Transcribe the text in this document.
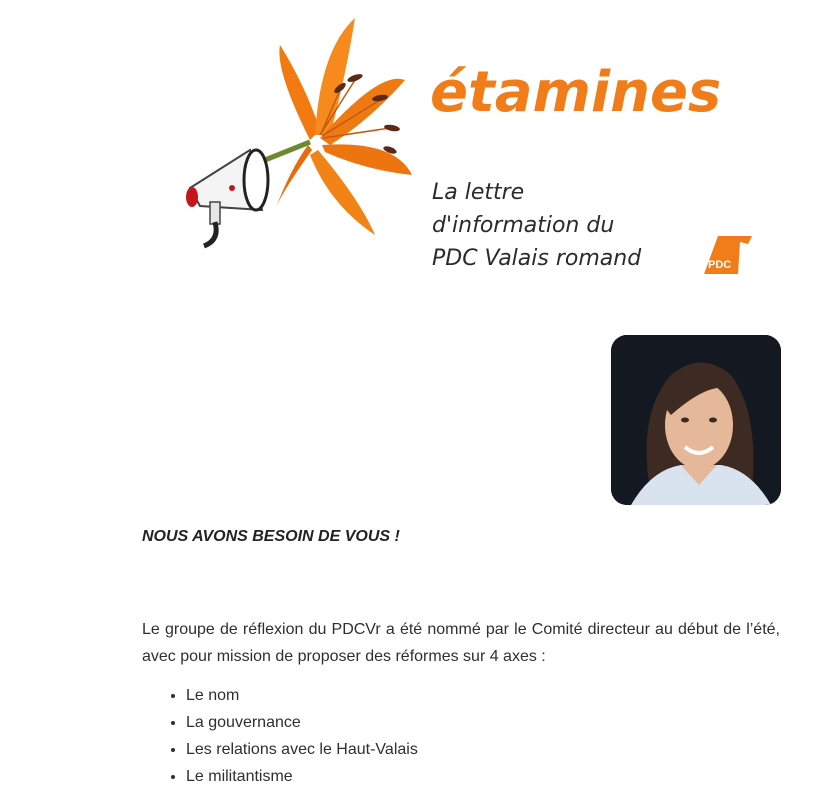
étamines
La lettre
d'information du
PDC Valais romand	PDC

NOUS AVONS BESOIN DE VOUS !

Le groupe de réflexion du PDCVr a été nommé par le Comité directeur au début de l’été, avec pour mission de proposer des réformes sur 4 axes :

• Le nom
• La gouvernance
• Les relations avec le Haut-Valais
• Le militantisme
